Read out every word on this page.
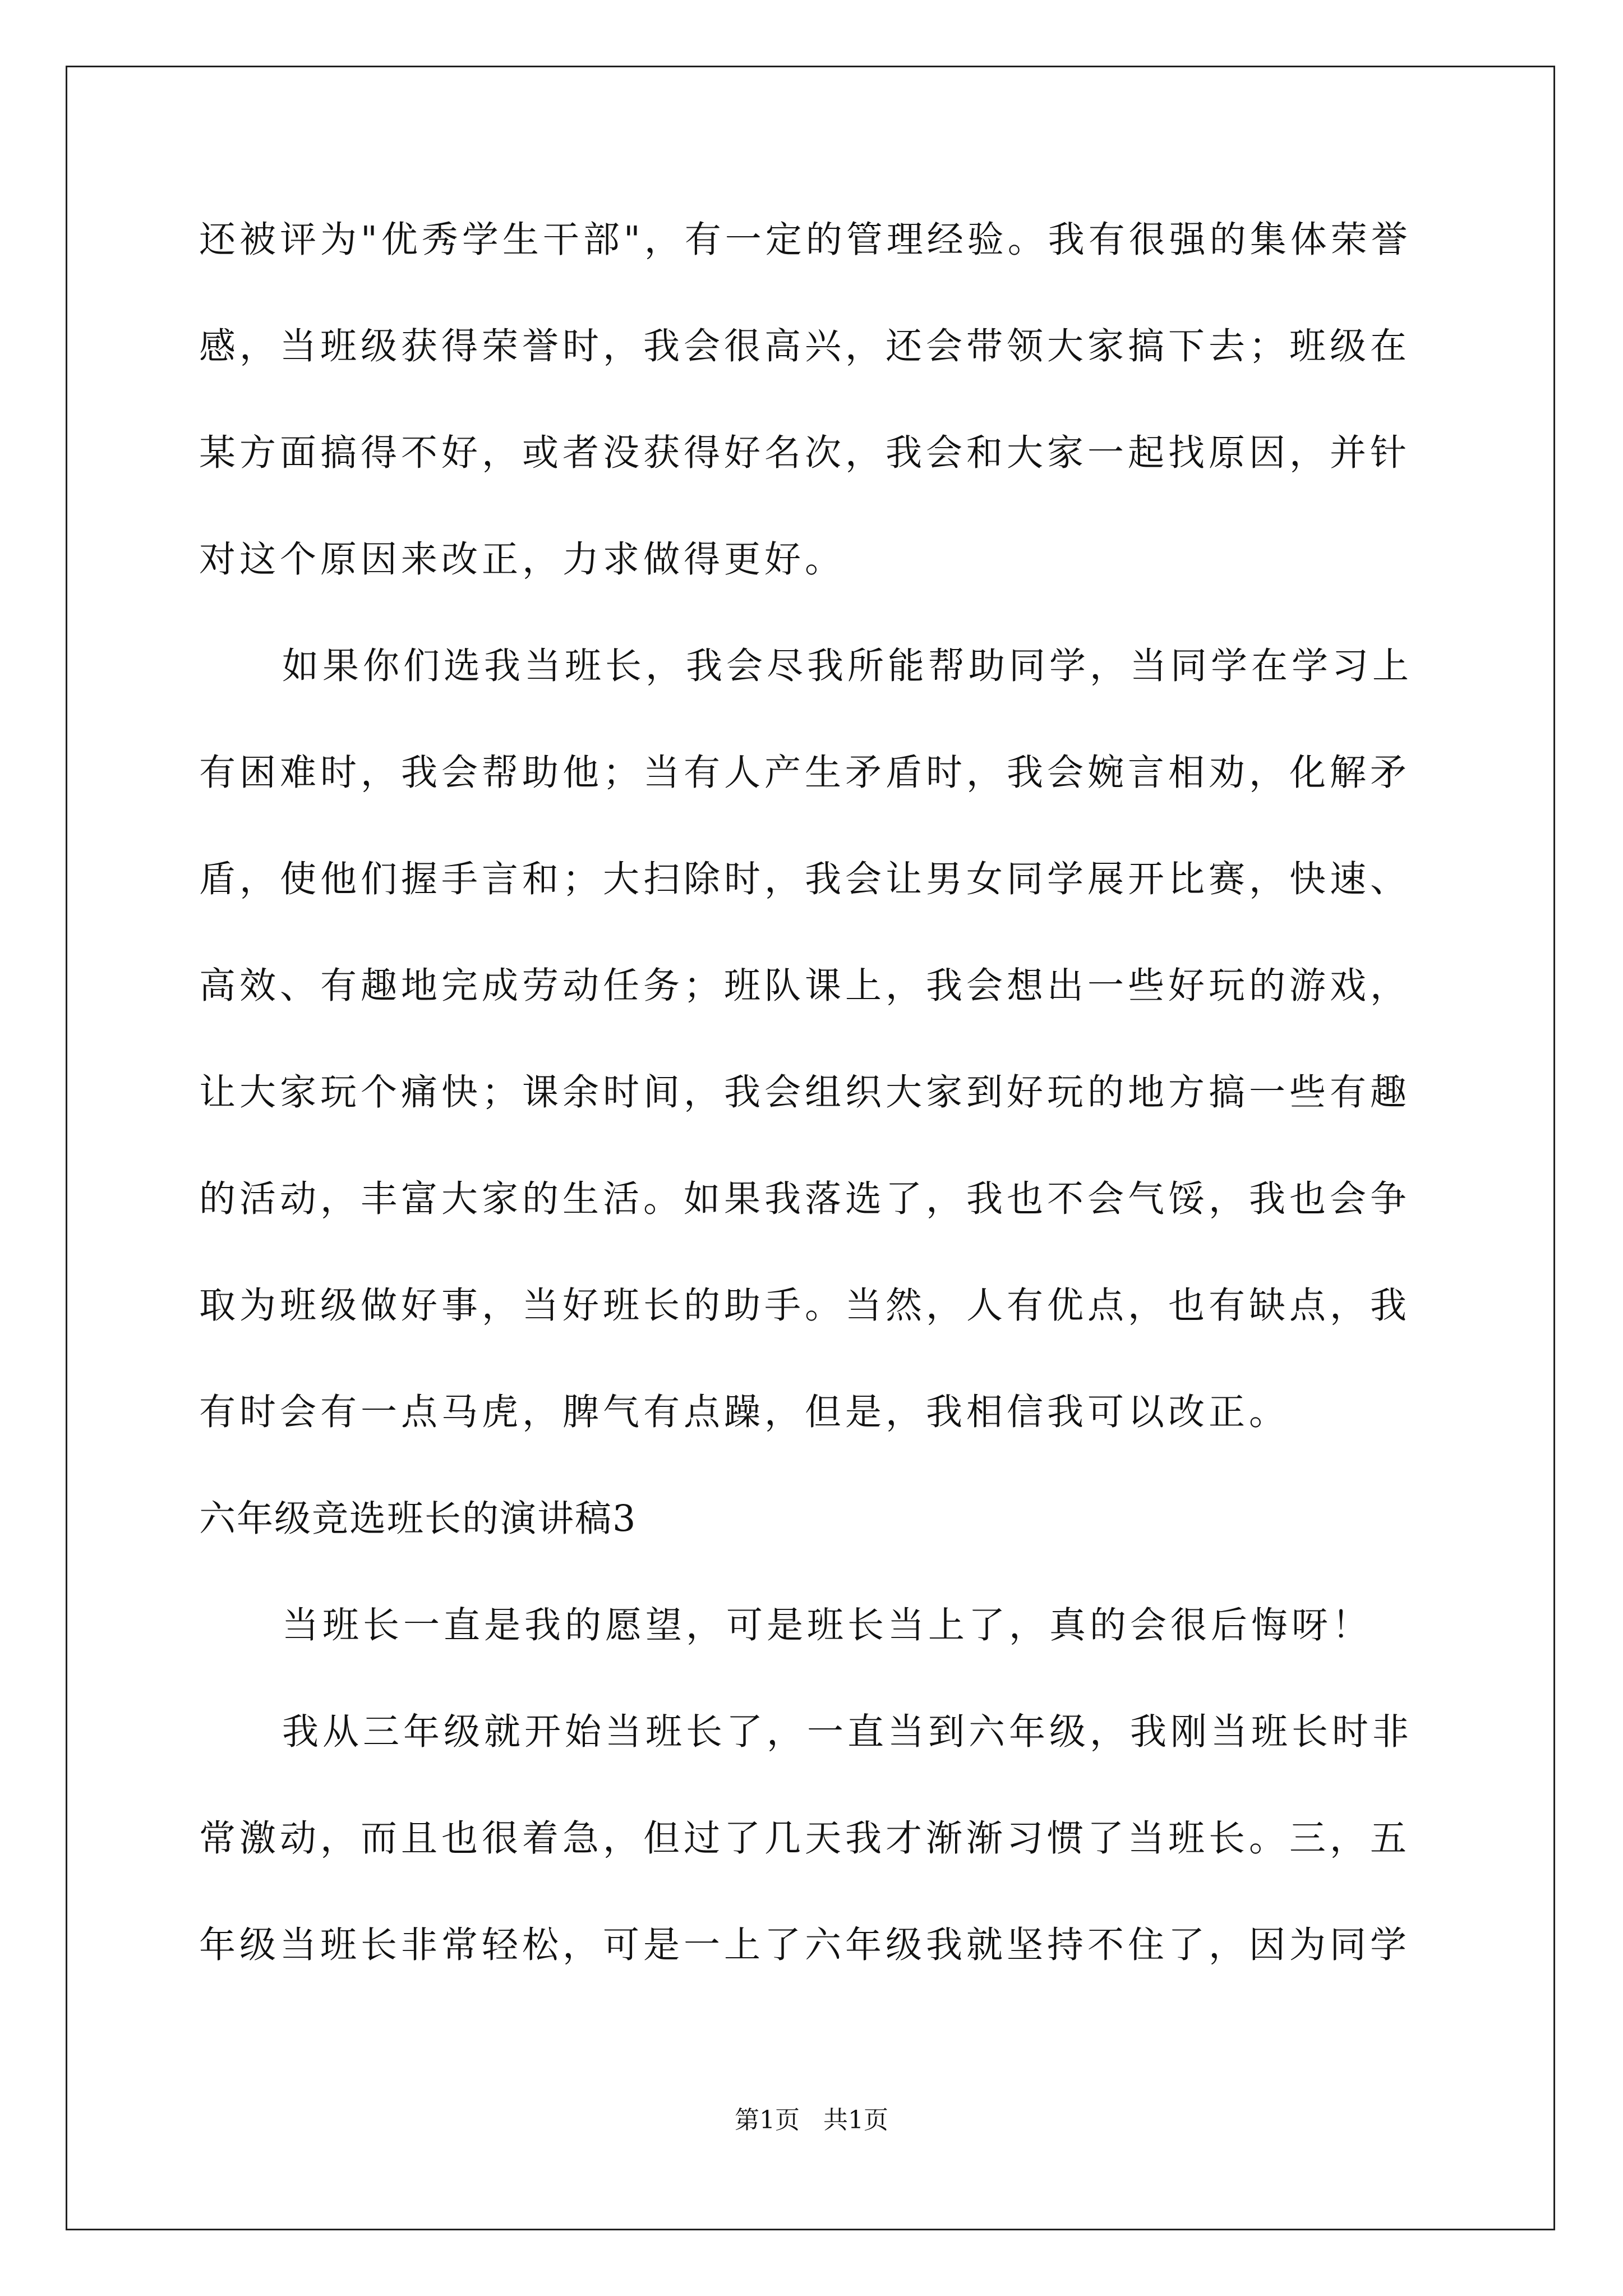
还被评为"优秀学生干部"，有一定的管理经验。我有很强的集体荣誉
感，当班级获得荣誉时，我会很高兴，还会带领大家搞下去；班级在
某方面搞得不好，或者没获得好名次，我会和大家一起找原因，并针
对这个原因来改正，力求做得更好。
如果你们选我当班长，我会尽我所能帮助同学，当同学在学习上
有困难时，我会帮助他；当有人产生矛盾时，我会婉言相劝，化解矛
盾，使他们握手言和；大扫除时，我会让男女同学展开比赛，快速、
高效、有趣地完成劳动任务；班队课上，我会想出一些好玩的游戏，
让大家玩个痛快；课余时间，我会组织大家到好玩的地方搞一些有趣
的活动，丰富大家的生活。如果我落选了，我也不会气馁，我也会争
取为班级做好事，当好班长的助手。当然，人有优点，也有缺点，我
有时会有一点马虎，脾气有点躁，但是，我相信我可以改正。
六年级竞选班长的演讲稿3
当班长一直是我的愿望，可是班长当上了，真的会很后悔呀！
我从三年级就开始当班长了，一直当到六年级，我刚当班长时非
常激动，而且也很着急，但过了几天我才渐渐习惯了当班长。三，五
年级当班长非常轻松，可是一上了六年级我就坚持不住了，因为同学
第1页   共1页
